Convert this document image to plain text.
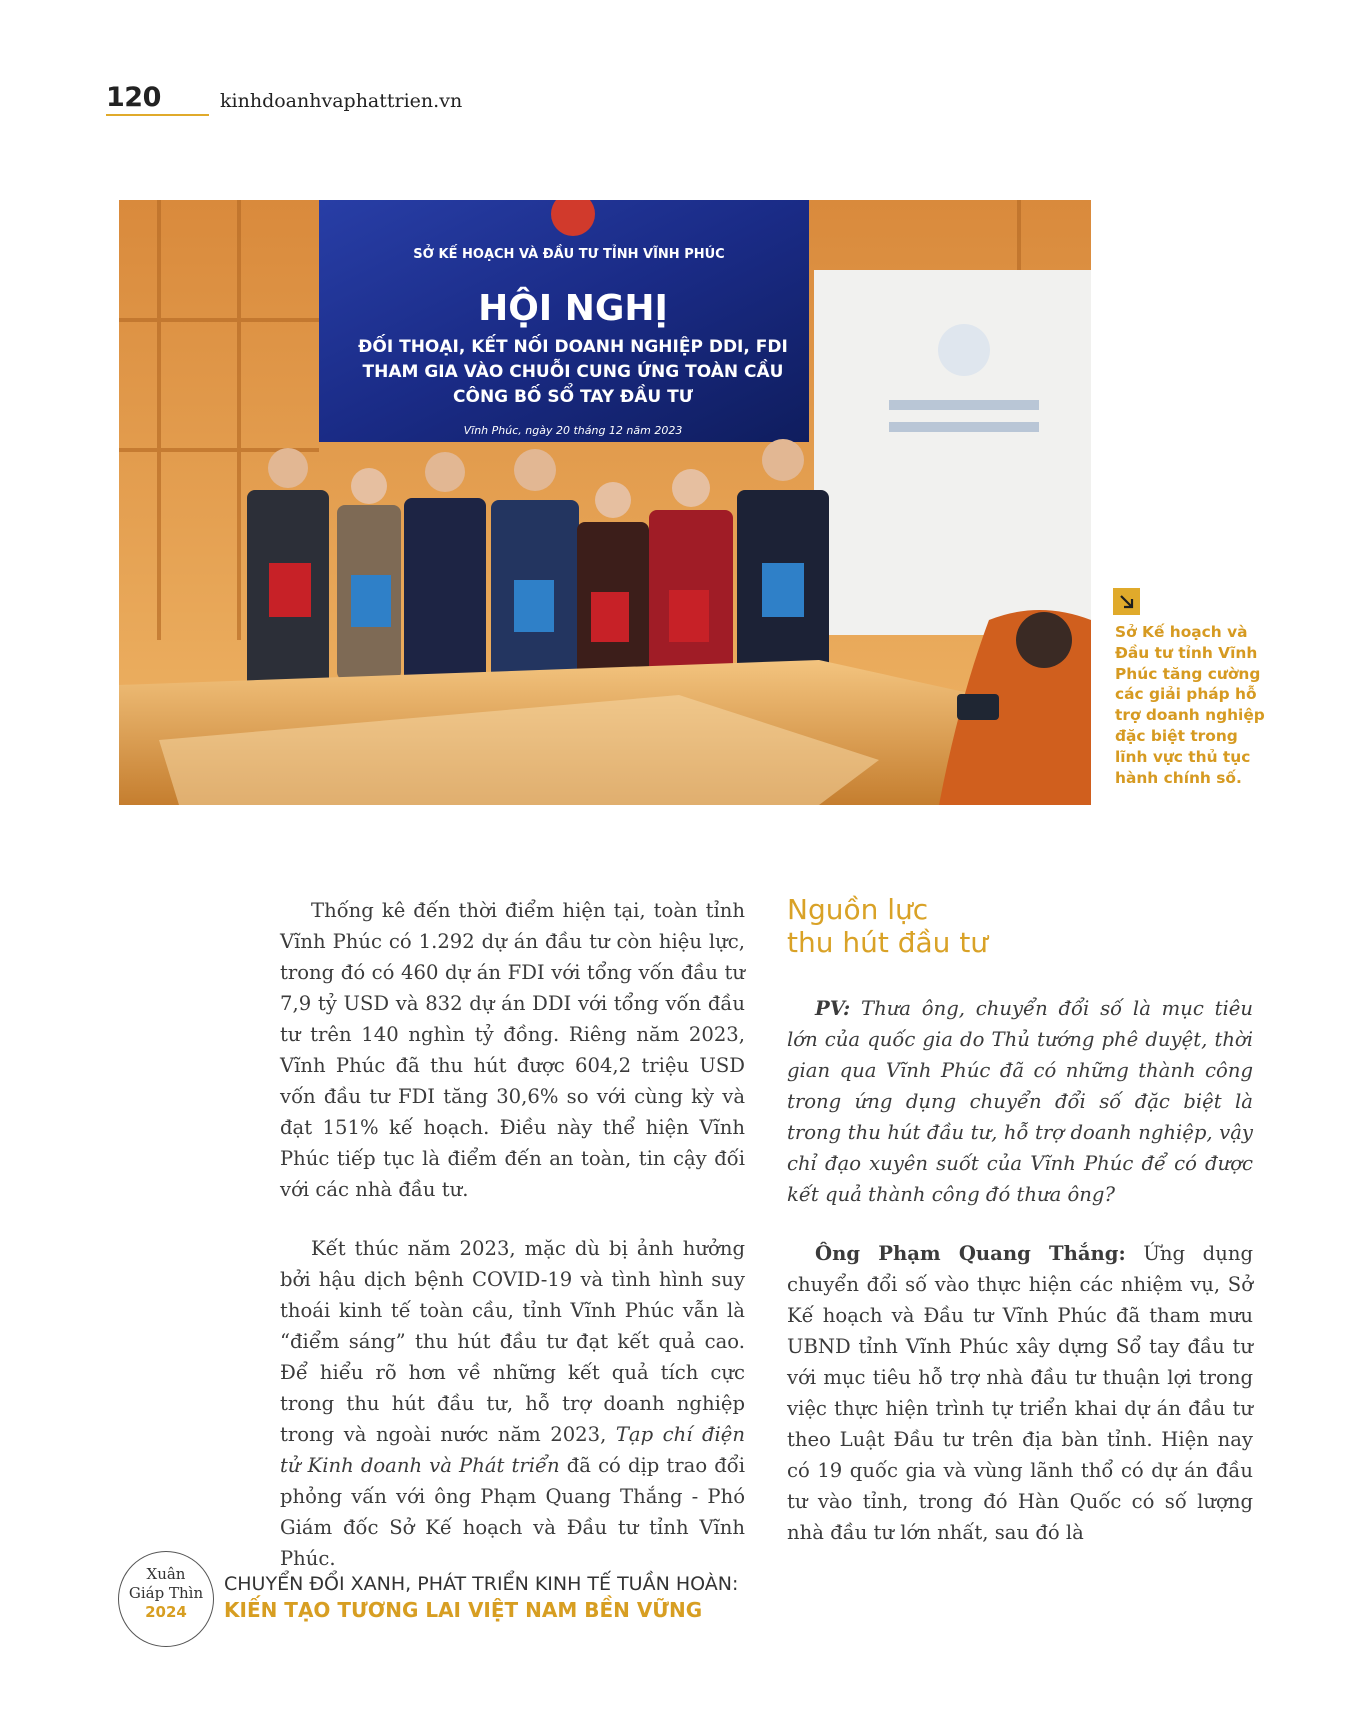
120	kinhdoanhvaphattrien.vn
SỞ KẾ HOẠCH VÀ ĐẦU TƯ TỈNH VĨNH PHÚC
HỘI NGHỊ
ĐỐI THOẠI, KẾT NỐI DOANH NGHIỆP DDI, FDI
THAM GIA VÀO CHUỖI CUNG ỨNG TOÀN CẦU
CÔNG BỐ SỔ TAY ĐẦU TƯ
Vĩnh Phúc, ngày 20 tháng 12 năm 2023
Sở Kế hoạch và Đầu tư tỉnh Vĩnh Phúc tăng cường các giải pháp hỗ trợ doanh nghiệp đặc biệt trong lĩnh vực thủ tục hành chính số.

Thống kê đến thời điểm hiện tại, toàn tỉnh Vĩnh Phúc có 1.292 dự án đầu tư còn hiệu lực, trong đó có 460 dự án FDI với tổng vốn đầu tư 7,9 tỷ USD và 832 dự án DDI với tổng vốn đầu tư trên 140 nghìn tỷ đồng. Riêng năm 2023, Vĩnh Phúc đã thu hút được 604,2 triệu USD vốn đầu tư FDI tăng 30,6% so với cùng kỳ và đạt 151% kế hoạch. Điều này thể hiện Vĩnh Phúc tiếp tục là điểm đến an toàn, tin cậy đối với các nhà đầu tư.

Kết thúc năm 2023, mặc dù bị ảnh hưởng bởi hậu dịch bệnh COVID-19 và tình hình suy thoái kinh tế toàn cầu, tỉnh Vĩnh Phúc vẫn là “điểm sáng” thu hút đầu tư đạt kết quả cao. Để hiểu rõ hơn về những kết quả tích cực trong thu hút đầu tư, hỗ trợ doanh nghiệp trong và ngoài nước năm 2023, Tạp chí điện tử Kinh doanh và Phát triển đã có dịp trao đổi phỏng vấn với ông Phạm Quang Thắng - Phó Giám đốc Sở Kế hoạch và Đầu tư tỉnh Vĩnh Phúc.

Nguồn lực
thu hút đầu tư

PV: Thưa ông, chuyển đổi số là mục tiêu lớn của quốc gia do Thủ tướng phê duyệt, thời gian qua Vĩnh Phúc đã có những thành công trong ứng dụng chuyển đổi số đặc biệt là trong thu hút đầu tư, hỗ trợ doanh nghiệp, vậy chỉ đạo xuyên suốt của Vĩnh Phúc để có được kết quả thành công đó thưa ông?

Ông Phạm Quang Thắng: Ứng dụng chuyển đổi số vào thực hiện các nhiệm vụ, Sở Kế hoạch và Đầu tư Vĩnh Phúc đã tham mưu UBND tỉnh Vĩnh Phúc xây dựng Sổ tay đầu tư với mục tiêu hỗ trợ nhà đầu tư thuận lợi trong việc thực hiện trình tự triển khai dự án đầu tư theo Luật Đầu tư trên địa bàn tỉnh. Hiện nay có 19 quốc gia và vùng lãnh thổ có dự án đầu tư vào tỉnh, trong đó Hàn Quốc có số lượng nhà đầu tư lớn nhất, sau đó là

Xuân
Giáp Thìn
2024
CHUYỂN ĐỔI XANH, PHÁT TRIỂN KINH TẾ TUẦN HOÀN:
KIẾN TẠO TƯƠNG LAI VIỆT NAM BỀN VỮNG
